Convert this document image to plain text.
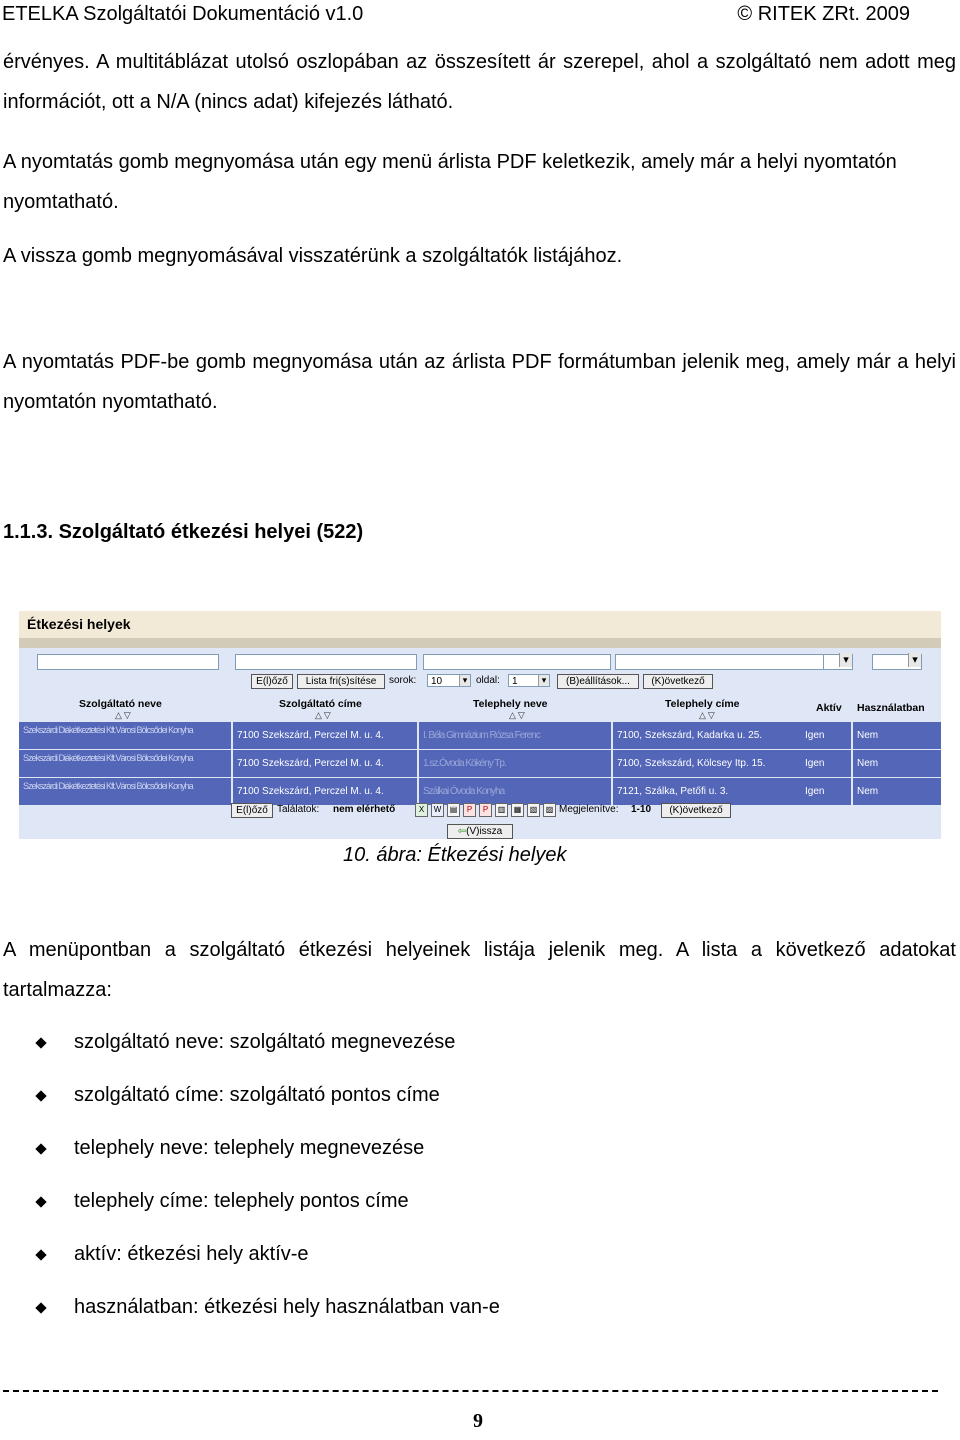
ETELKA Szolgáltatói Dokumentáció v1.0	© RITEK ZRt. 2009
érvényes. A multitáblázat utolsó oszlopában az összesített ár szerepel, ahol a szolgáltató nem adott meg információt, ott a N/A (nincs adat) kifejezés látható.
A nyomtatás gomb megnyomása után egy menü árlista PDF keletkezik, amely már a helyi nyomtatón nyomtatható.
A vissza gomb megnyomásával visszatérünk a szolgáltatók listájához.
A nyomtatás PDF-be gomb megnyomása után az árlista PDF formátumban jelenik meg, amely már a helyi nyomtatón nyomtatható.
1.1.3. Szolgáltató étkezési helyei (522)
Étkezési helyek
▾
▾
E(l)őző	Lista fri(s)sítése	sorok:	10 ▾	oldal:	1 ▾	(B)eállítások...	(K)övetkező
Szolgáltató neve	Szolgáltató címe	Telephely neve	Telephely címe	Aktív Használatban
△▽	△▽	△▽	△▽
Szekszárdi Diákétkeztetési Kft.Városi Bölcsődei Konyha	7100 Szekszárd, Perczel M. u. 4.	I. Béla Gimnázium Rózsa Ferenc	7100, Szekszárd, Kadarka u. 25.	Igen	Nem
Szekszárdi Diákétkeztetési Kft.Városi Bölcsődei Konyha	7100 Szekszárd, Perczel M. u. 4.	1.sz.Óvoda Kökény Tp.	7100, Szekszárd, Kölcsey Itp. 15.	Igen	Nem
Szekszárdi Diákétkeztetési Kft.Városi Bölcsődei Konyha	7100 Szekszárd, Perczel M. u. 4.	Szálkai Óvoda Konyha	7121, Szálka, Petőfi u. 3.	Igen	Nem
E(l)őző Találatok: nem elérhető	X	W	▤	P	P	▥	▦	▧	▨ Megjelenítve: 1-10	(K)övetkező
⇦(V)issza
10. ábra: Étkezési helyek
A menüpontban a szolgáltató étkezési helyeinek listája jelenik meg. A lista a következő adatokat tartalmazza:
szolgáltató neve: szolgáltató megnevezése
szolgáltató címe: szolgáltató pontos címe
telephely neve: telephely megnevezése
telephely címe: telephely pontos címe
aktív: étkezési hely aktív-e
használatban: étkezési hely használatban van-e
9
